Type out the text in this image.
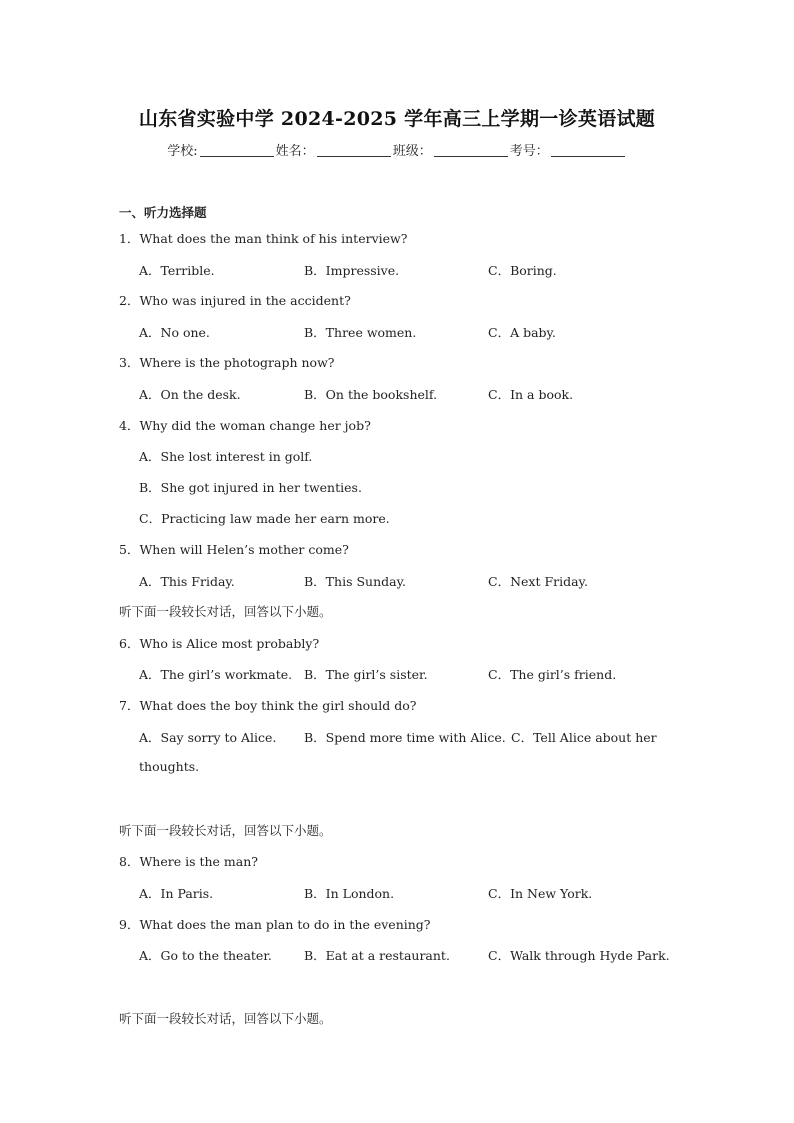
山东省实验中学 2024-2025 学年高三上学期一诊英语试题
学校:	姓名：	班级：	考号：
一、听力选择题
1．What does the man think of his interview?
A．Terrible.	B．Impressive.	C．Boring.
2．Who was injured in the accident?
A．No one.	B．Three women.	C．A baby.
3．Where is the photograph now?
A．On the desk.	B．On the bookshelf.	C．In a book.
4．Why did the woman change her job?
A．She lost interest in golf.
B．She got injured in her twenties.
C．Practicing law made her earn more.
5．When will Helen’s mother come?
A．This Friday.	B．This Sunday.	C．Next Friday.
听下面一段较长对话，回答以下小题。
6．Who is Alice most probably?
A．The girl’s workmate. B．The girl’s sister.	C．The girl’s friend.
7．What does the boy think the girl should do?
A．Say sorry to Alice. B．Spend more time with Alice. C．Tell Alice about her
thoughts.
听下面一段较长对话，回答以下小题。
8．Where is the man?
A．In Paris.	B．In London.	C．In New York.
9．What does the man plan to do in the evening?
A．Go to the theater.	B．Eat at a restaurant.	C．Walk through Hyde Park.
听下面一段较长对话，回答以下小题。
